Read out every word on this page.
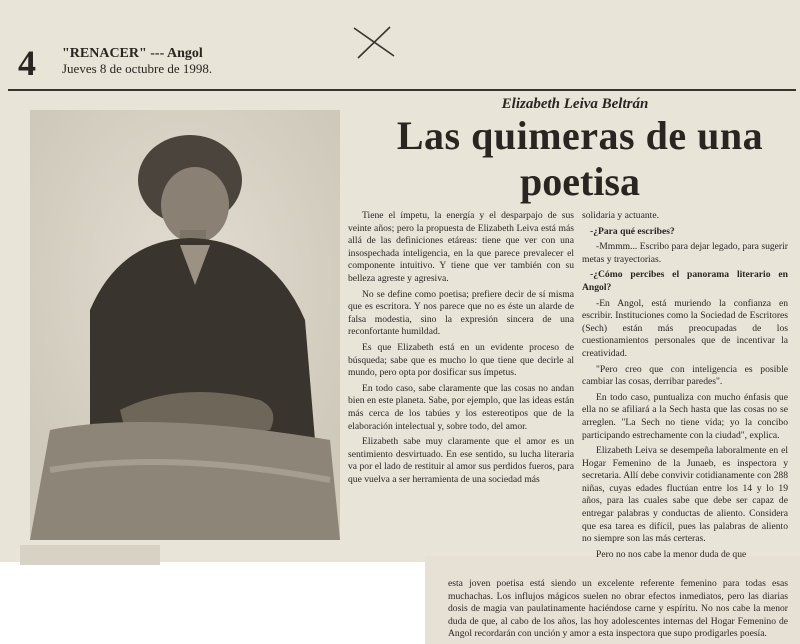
4 "RENACER" --- Angol
Jueves 8 de octubre de 1998.
Elizabeth Leiva Beltrán
Las quimeras de una
poetisa

Tiene el ímpetu, la energía y el desparpajo de sus veinte años; pero la propuesta de Elizabeth Leiva está más allá de las definiciones etáreas: tiene que ver con una insospechada inteligencia, en la que parece prevalecer el componente intuitivo. Y tiene que ver también con su belleza agreste y agresiva.

No se define como poetisa; prefiere decir de sí misma que es escritora. Y nos parece que no es éste un alarde de falsa modestia, sino la expresión sincera de una reconfortante humildad.

Es que Elizabeth está en un evidente proceso de búsqueda; sabe que es mucho lo que tiene que decirle al mundo, pero opta por dosificar sus ímpetus.

En todo caso, sabe claramente que las cosas no andan bien en este planeta. Sabe, por ejemplo, que las ideas están más cerca de los tabúes y los estereotipos que de la elaboración intelectual y, sobre todo, del amor.

Elizabeth sabe muy claramente que el amor es un sentimiento desvirtuado. En ese sentido, su lucha literaria va por el lado de restituir al amor sus perdidos fueros, para que vuelva a ser herramienta de una sociedad más

solidaria y actuante.

-¿Para qué escribes?

-Mmmm... Escribo para dejar legado, para sugerir metas y trayectorias.

-¿Cómo percibes el panorama literario en Angol?

-En Angol, está muriendo la confianza en escribir. Instituciones como la Sociedad de Escritores (Sech) están más preocupadas de los cuestionamientos personales que de incentivar la creatividad.

"Pero creo que con inteligencia es posible cambiar las cosas, derribar paredes".

En todo caso, puntualiza con mucho énfasis que ella no se afiliará a la Sech hasta que las cosas no se arreglen. "La Sech no tiene vida; yo la concibo participando estrechamente con la ciudad", explica.

Elizabeth Leiva se desempeña laboralmente en el Hogar Femenino de la Junaeb, es inspectora y secretaria. Allí debe convivir cotidianamente con 288 niñas, cuyas edades fluctúan entre los 14 y lo 19 años, para las cuales sabe que debe ser capaz de entregar palabras y conductas de aliento. Considera que esa tarea es difícil, pues las palabras de aliento no siempre son las más certeras.

Pero no nos cabe la menor duda de que

esta joven poetisa está siendo un excelente referente femenino para todas esas muchachas. Los influjos mágicos suelen no obrar efectos inmediatos, pero las diarias dosis de magia van paulatinamente haciéndose carne y espíritu. No nos cabe la menor duda de que, al cabo de los años, las hoy adolescentes internas del Hogar Femenino de Angol recordarán con unción y amor a esta inspectora que supo prodigarles poesía.
